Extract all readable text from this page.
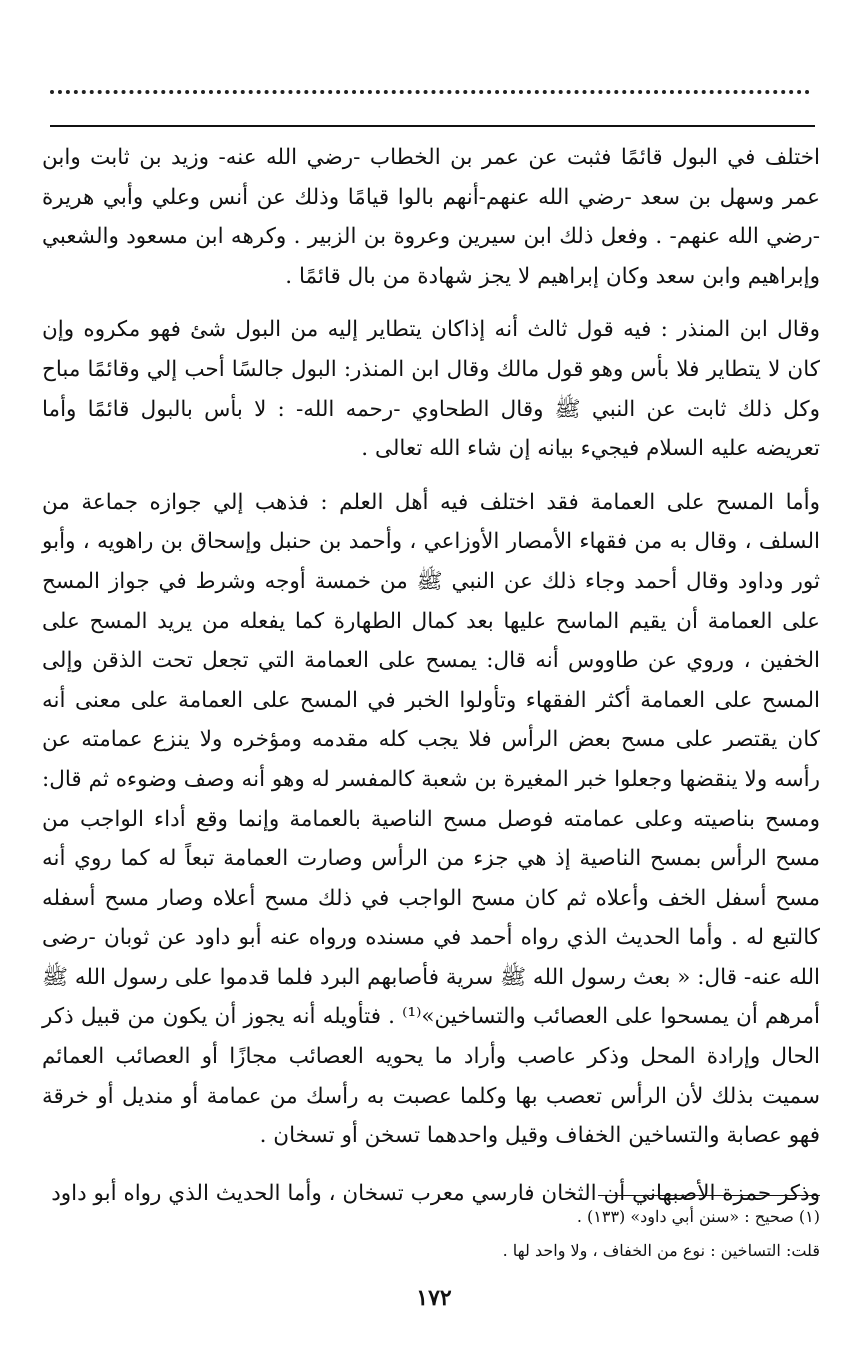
اختلف في البول قائمًا فثبت عن عمر بن الخطاب -رضي الله عنه- وزيد بن ثابت وابن عمر وسهل بن سعد -رضي الله عنهم-أنهم بالوا قيامًا وذلك عن أنس وعلي وأبي هريرة -رضي الله عنهم- . وفعل ذلك ابن سيرين وعروة بن الزبير . وكرهه ابن مسعود والشعبي وإبراهيم وابن سعد وكان إبراهيم لا يجز شهادة من بال قائمًا .

وقال ابن المنذر : فيه قول ثالث أنه إذاكان يتطاير إليه من البول شئ فهو مكروه وإن كان لا يتطاير فلا بأس وهو قول مالك وقال ابن المنذر: البول جالسًا أحب إلي وقائمًا مباح وكل ذلك ثابت عن النبي ﷺ وقال الطحاوي -رحمه الله- : لا بأس بالبول قائمًا وأما تعريضه عليه السلام فيجيء بيانه إن شاء الله تعالى .

وأما المسح على العمامة فقد اختلف فيه أهل العلم : فذهب إلي جوازه جماعة من السلف ، وقال به من فقهاء الأمصار الأوزاعي ، وأحمد بن حنبل وإسحاق بن راهويه ، وأبو ثور وداود وقال أحمد وجاء ذلك عن النبي ﷺ من خمسة أوجه وشرط في جواز المسح على العمامة أن يقيم الماسح عليها بعد كمال الطهارة كما يفعله من يريد المسح على الخفين ، وروي عن طاووس أنه قال: يمسح على العمامة التي تجعل تحت الذقن وإلى المسح على العمامة أكثر الفقهاء وتأولوا الخبر في المسح على العمامة على معنى أنه كان يقتصر على مسح بعض الرأس فلا يجب كله مقدمه ومؤخره ولا ينزع عمامته عن رأسه ولا ينقضها وجعلوا خبر المغيرة بن شعبة كالمفسر له وهو أنه وصف وضوءه ثم قال: ومسح بناصيته وعلى عمامته فوصل مسح الناصية بالعمامة وإنما وقع أداء الواجب من مسح الرأس بمسح الناصية إذ هي جزء من الرأس وصارت العمامة تبعاً له كما روي أنه مسح أسفل الخف وأعلاه ثم كان مسح الواجب في ذلك مسح أعلاه وصار مسح أسفله كالتبع له . وأما الحديث الذي رواه أحمد في مسنده ورواه عنه أبو داود عن ثوبان -رضى الله عنه- قال: « بعث رسول الله ﷺ سرية فأصابهم البرد فلما قدموا على رسول الله ﷺ أمرهم أن يمسحوا على العصائب والتساخين»⁽¹⁾ . فتأويله أنه يجوز أن يكون من قبيل ذكر الحال وإرادة المحل وذكر عاصب وأراد ما يحويه العصائب مجازًا أو العصائب العمائم سميت بذلك لأن الرأس تعصب بها وكلما عصبت به رأسك من عمامة أو منديل أو خرقة فهو عصابة والتساخين الخفاف وقيل واحدهما تسخن أو تسخان .

وذكر حمزة الأصبهاني أن الثخان فارسي معرب تسخان ، وأما الحديث الذي رواه أبو داود

(١) صحيح : «سنن أبي داود» (١٣٣) .

قلت: التساخين : نوع من الخفاف ، ولا واحد لها .

١٧٢
